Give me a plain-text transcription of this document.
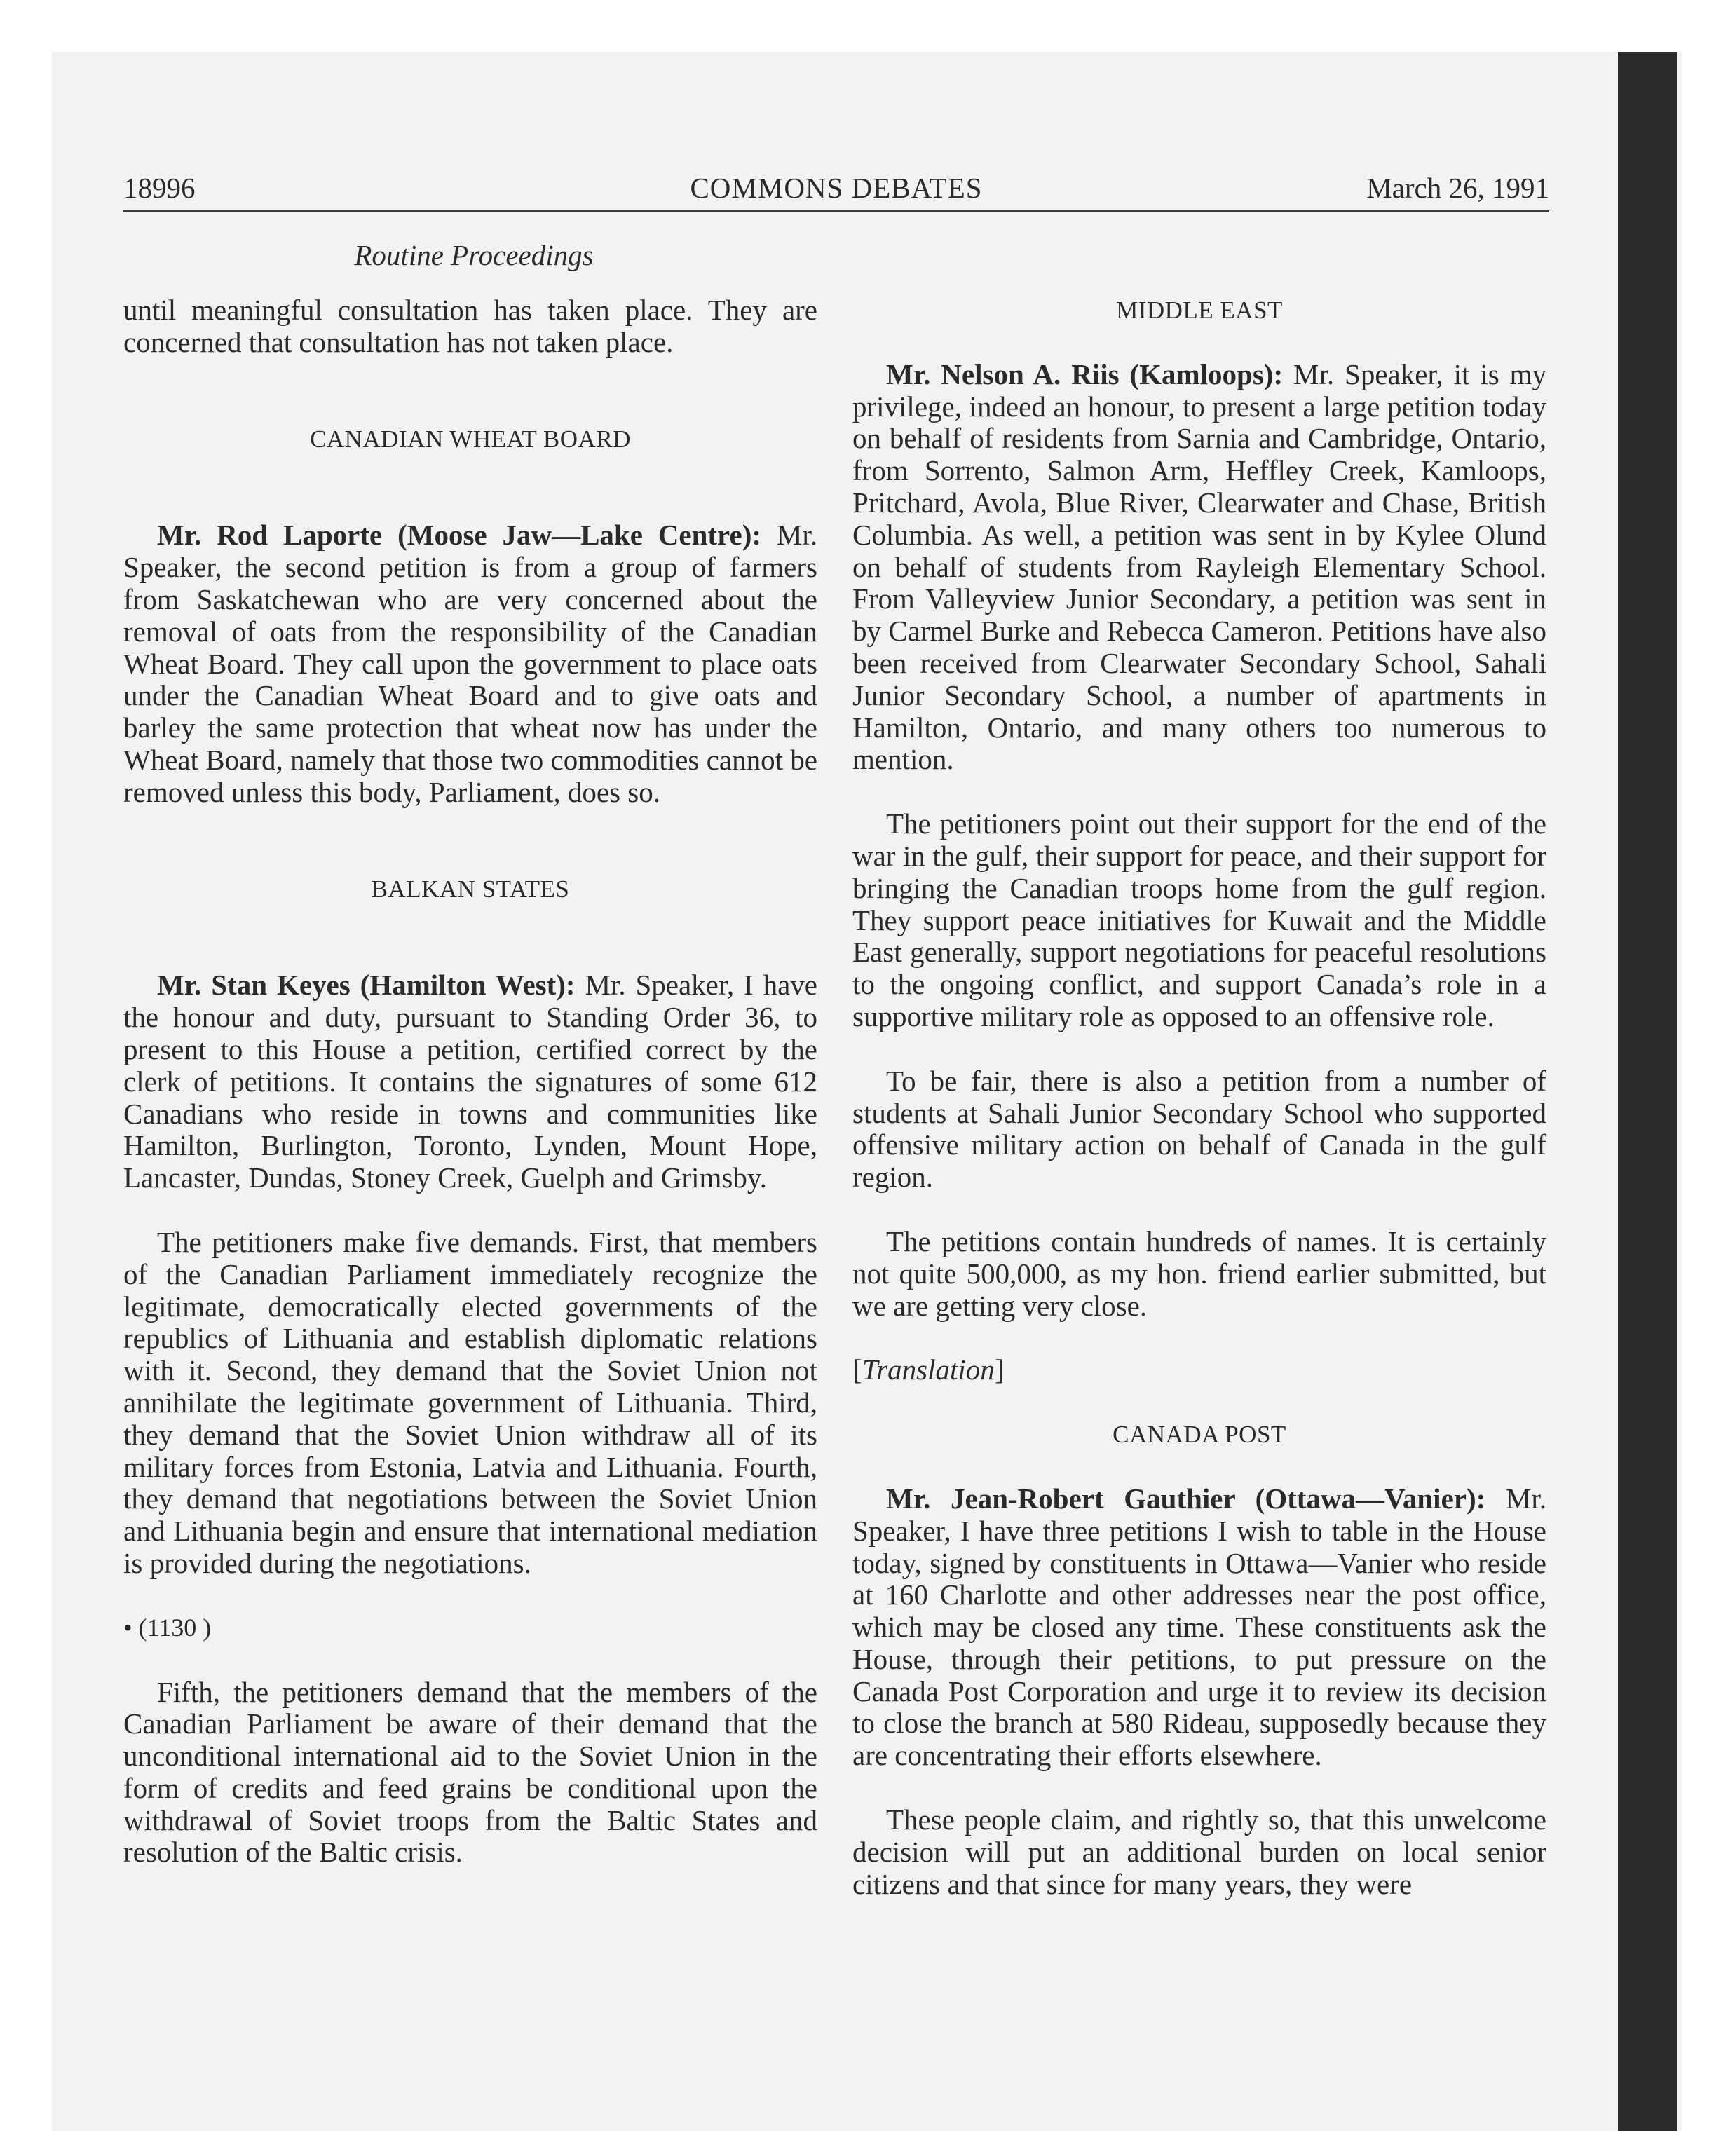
18996	COMMONS DEBATES	March 26, 1991
Routine Proceedings

until meaningful consultation has taken place. They are concerned that consultation has not taken place.

CANADIAN WHEAT BOARD

Mr. Rod Laporte (Moose Jaw—Lake Centre): Mr. Speaker, the second petition is from a group of farmers from Saskatchewan who are very concerned about the removal of oats from the responsibility of the Canadian Wheat Board. They call upon the government to place oats under the Canadian Wheat Board and to give oats and barley the same protection that wheat now has under the Wheat Board, namely that those two commodities cannot be removed unless this body, Parliament, does so.

BALKAN STATES

Mr. Stan Keyes (Hamilton West): Mr. Speaker, I have the honour and duty, pursuant to Standing Order 36, to present to this House a petition, certified correct by the clerk of petitions. It contains the signatures of some 612 Canadians who reside in towns and communities like Hamilton, Burlington, Toronto, Lynden, Mount Hope, Lancaster, Dundas, Stoney Creek, Guelph and Grimsby.

The petitioners make five demands. First, that members of the Canadian Parliament immediately recognize the legitimate, democratically elected governments of the republics of Lithuania and establish diplomatic relations with it. Second, they demand that the Soviet Union not annihilate the legitimate government of Lithuania. Third, they demand that the Soviet Union withdraw all of its military forces from Estonia, Latvia and Lithuania. Fourth, they demand that negotiations between the Soviet Union and Lithuania begin and ensure that international mediation is provided during the negotiations.

• (1130 )

Fifth, the petitioners demand that the members of the Canadian Parliament be aware of their demand that the unconditional international aid to the Soviet Union in the form of credits and feed grains be conditional upon the withdrawal of Soviet troops from the Baltic States and resolution of the Baltic crisis.

MIDDLE EAST

Mr. Nelson A. Riis (Kamloops): Mr. Speaker, it is my privilege, indeed an honour, to present a large petition today on behalf of residents from Sarnia and Cambridge, Ontario, from Sorrento, Salmon Arm, Heffley Creek, Kamloops, Pritchard, Avola, Blue River, Clearwater and Chase, British Columbia. As well, a petition was sent in by Kylee Olund on behalf of students from Rayleigh Elementary School. From Valleyview Junior Secondary, a petition was sent in by Carmel Burke and Rebecca Cameron. Petitions have also been received from Clearwater Secondary School, Sahali Junior Secondary School, a number of apartments in Hamilton, Ontario, and many others too numerous to mention.

The petitioners point out their support for the end of the war in the gulf, their support for peace, and their support for bringing the Canadian troops home from the gulf region. They support peace initiatives for Kuwait and the Middle East generally, support negotiations for peaceful resolutions to the ongoing conflict, and support Canada’s role in a supportive military role as opposed to an offensive role.

To be fair, there is also a petition from a number of students at Sahali Junior Secondary School who supported offensive military action on behalf of Canada in the gulf region.

The petitions contain hundreds of names. It is certainly not quite 500,000, as my hon. friend earlier submitted, but we are getting very close.

[Translation]

CANADA POST

Mr. Jean-Robert Gauthier (Ottawa—Vanier): Mr. Speaker, I have three petitions I wish to table in the House today, signed by constituents in Ottawa—Vanier who reside at 160 Charlotte and other addresses near the post office, which may be closed any time. These constituents ask the House, through their petitions, to put pressure on the Canada Post Corporation and urge it to review its decision to close the branch at 580 Rideau, supposedly because they are concentrating their efforts elsewhere.

These people claim, and rightly so, that this unwelcome decision will put an additional burden on local senior citizens and that since for many years, they were
